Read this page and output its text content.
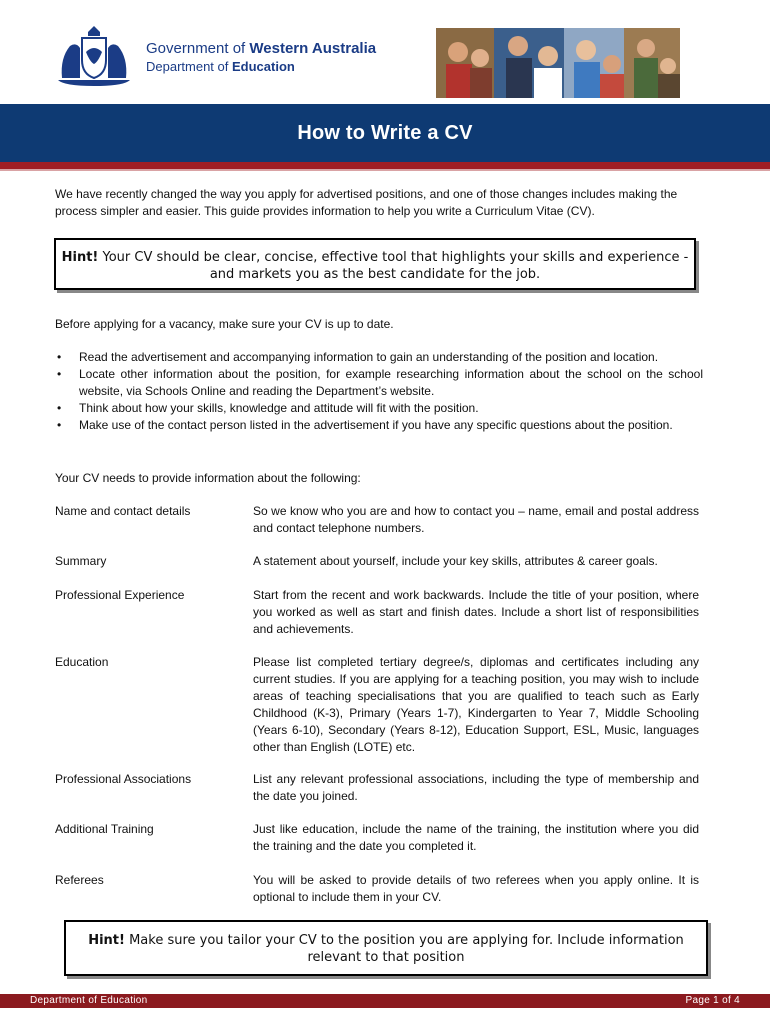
Government of Western Australia
Department of Education
How to Write a CV

We have recently changed the way you apply for advertised positions, and one of those changes includes making the process simpler and easier. This guide provides information to help you write a Curriculum Vitae (CV).

Hint! Your CV should be clear, concise, effective tool that highlights your skills and experience - and markets you as the best candidate for the job.

Before applying for a vacancy, make sure your CV is up to date.

• Read the advertisement and accompanying information to gain an understanding of the position and location.
• Locate other information about the position, for example researching information about the school on the school website, via Schools Online and reading the Department’s website.
• Think about how your skills, knowledge and attitude will fit with the position.
• Make use of the contact person listed in the advertisement if you have any specific questions about the position.

Your CV needs to provide information about the following:

Name and contact details	So we know who you are and how to contact you – name, email and postal address and contact telephone numbers.
Summary	A statement about yourself, include your key skills, attributes & career goals.
Professional Experience	Start from the recent and work backwards. Include the title of your position, where you worked as well as start and finish dates. Include a short list of responsibilities and achievements.
Education	Please list completed tertiary degree/s, diplomas and certificates including any current studies. If you are applying for a teaching position, you may wish to include areas of teaching specialisations that you are qualified to teach such as Early Childhood (K-3), Primary (Years 1-7), Kindergarten to Year 7, Middle Schooling (Years 6-10), Secondary (Years 8-12), Education Support, ESL, Music, languages other than English (LOTE) etc.
Professional Associations	List any relevant professional associations, including the type of membership and the date you joined.
Additional Training	Just like education, include the name of the training, the institution where you did the training and the date you completed it.
Referees	You will be asked to provide details of two referees when you apply online. It is optional to include them in your CV.
Hint! Make sure you tailor your CV to the position you are applying for. Include information relevant to that position
Department of Education	Page 1 of 4
